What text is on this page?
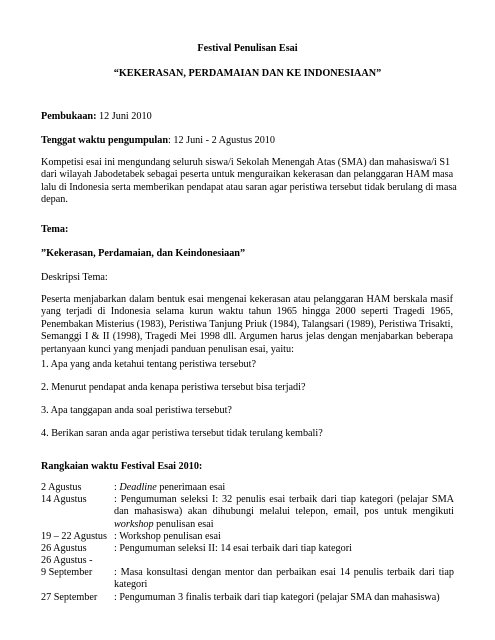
Festival Penulisan Esai
“KEKERASAN, PERDAMAIAN DAN KE INDONESIAAN”
Pembukaan: 12 Juni 2010
Tenggat waktu pengumpulan: 12 Juni - 2 Agustus 2010
Kompetisi esai ini mengundang seluruh siswa/i Sekolah Menengah Atas (SMA) dan mahasiswa/i S1 dari wilayah Jabodetabek sebagai peserta untuk menguraikan kekerasan dan pelanggaran HAM masa lalu di Indonesia serta memberikan pendapat atau saran agar peristiwa tersebut tidak berulang di masa depan.
Tema:
”Kekerasan, Perdamaian, dan Keindonesiaan”
Deskripsi Tema:
Peserta menjabarkan dalam bentuk esai mengenai kekerasan atau pelanggaran HAM berskala masif yang terjadi di Indonesia selama kurun waktu tahun 1965 hingga 2000 seperti Tragedi 1965, Penembakan Misterius (1983), Peristiwa Tanjung Priuk (1984), Talangsari (1989), Peristiwa Trisakti, Semanggi I & II (1998), Tragedi Mei 1998 dll. Argumen harus jelas dengan menjabarkan beberapa pertanyaan kunci yang menjadi panduan penulisan esai, yaitu:
1. Apa yang anda ketahui tentang peristiwa tersebut?
2. Menurut pendapat anda kenapa peristiwa tersebut bisa terjadi?
3. Apa tanggapan anda soal peristiwa tersebut?
4. Berikan saran anda agar peristiwa tersebut tidak terulang kembali?
Rangkaian waktu Festival Esai 2010:
2 Agustus	: Deadline penerimaan esai
14 Agustus	: Pengumuman seleksi I: 32 penulis esai terbaik dari tiap kategori (pelajar SMA dan mahasiswa) akan dihubungi melalui telepon, email, pos untuk mengikuti workshop penulisan esai
19 – 22 Agustus : Workshop penulisan esai
26 Agustus	: Pengumuman seleksi II: 14 esai terbaik dari tiap kategori
26 Agustus -
9 September : Masa konsultasi dengan mentor dan perbaikan esai 14 penulis terbaik dari tiap kategori
27 September : Pengumuman 3 finalis terbaik dari tiap kategori (pelajar SMA dan mahasiswa)
